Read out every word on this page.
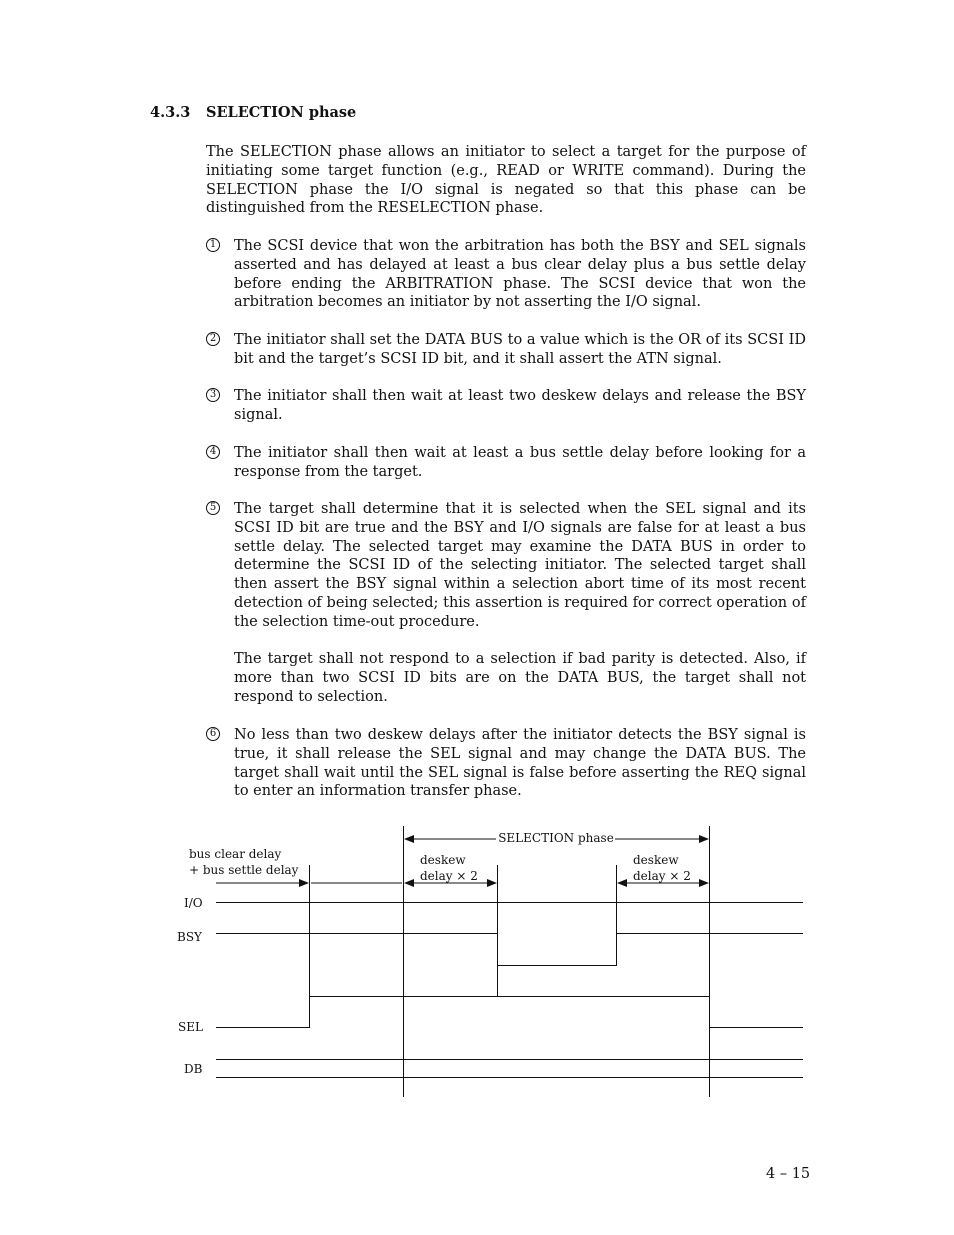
4.3.3 SELECTION phase

The SELECTION phase allows an initiator to select a target for the purpose of initiating some target function (e.g., READ or WRITE command). During the SELECTION phase the I/O signal is negated so that this phase can be distinguished from the RESELECTION phase.

1 The SCSI device that won the arbitration has both the BSY and SEL signals asserted and has delayed at least a bus clear delay plus a bus settle delay before ending the ARBITRATION phase. The SCSI device that won the arbitration becomes an initiator by not asserting the I/O signal.
2 The initiator shall set the DATA BUS to a value which is the OR of its SCSI ID bit and the target’s SCSI ID bit, and it shall assert the ATN signal.
3 The initiator shall then wait at least two deskew delays and release the BSY signal.
4 The initiator shall then wait at least a bus settle delay before looking for a response from the target.
5 The target shall determine that it is selected when the SEL signal and its SCSI ID bit are true and the BSY and I/O signals are false for at least a bus settle delay. The selected target may examine the DATA BUS in order to determine the SCSI ID of the selecting initiator. The selected target shall then assert the BSY signal within a selection abort time of its most recent detection of being selected; this assertion is required for correct operation of the selection time-out procedure.
The target shall not respond to a selection if bad parity is detected. Also, if more than two SCSI ID bits are on the DATA BUS, the target shall not respond to selection.
6 No less than two deskew delays after the initiator detects the BSY signal is true, it shall release the SEL signal and may change the DATA BUS. The target shall wait until the SEL signal is false before asserting the REQ signal to enter an information transfer phase.
SELECTION phase
bus clear delay
+ bus settle delay
deskew
delay × 2
deskew
delay × 2
I/O
BSY
SEL
DB
4 – 15
